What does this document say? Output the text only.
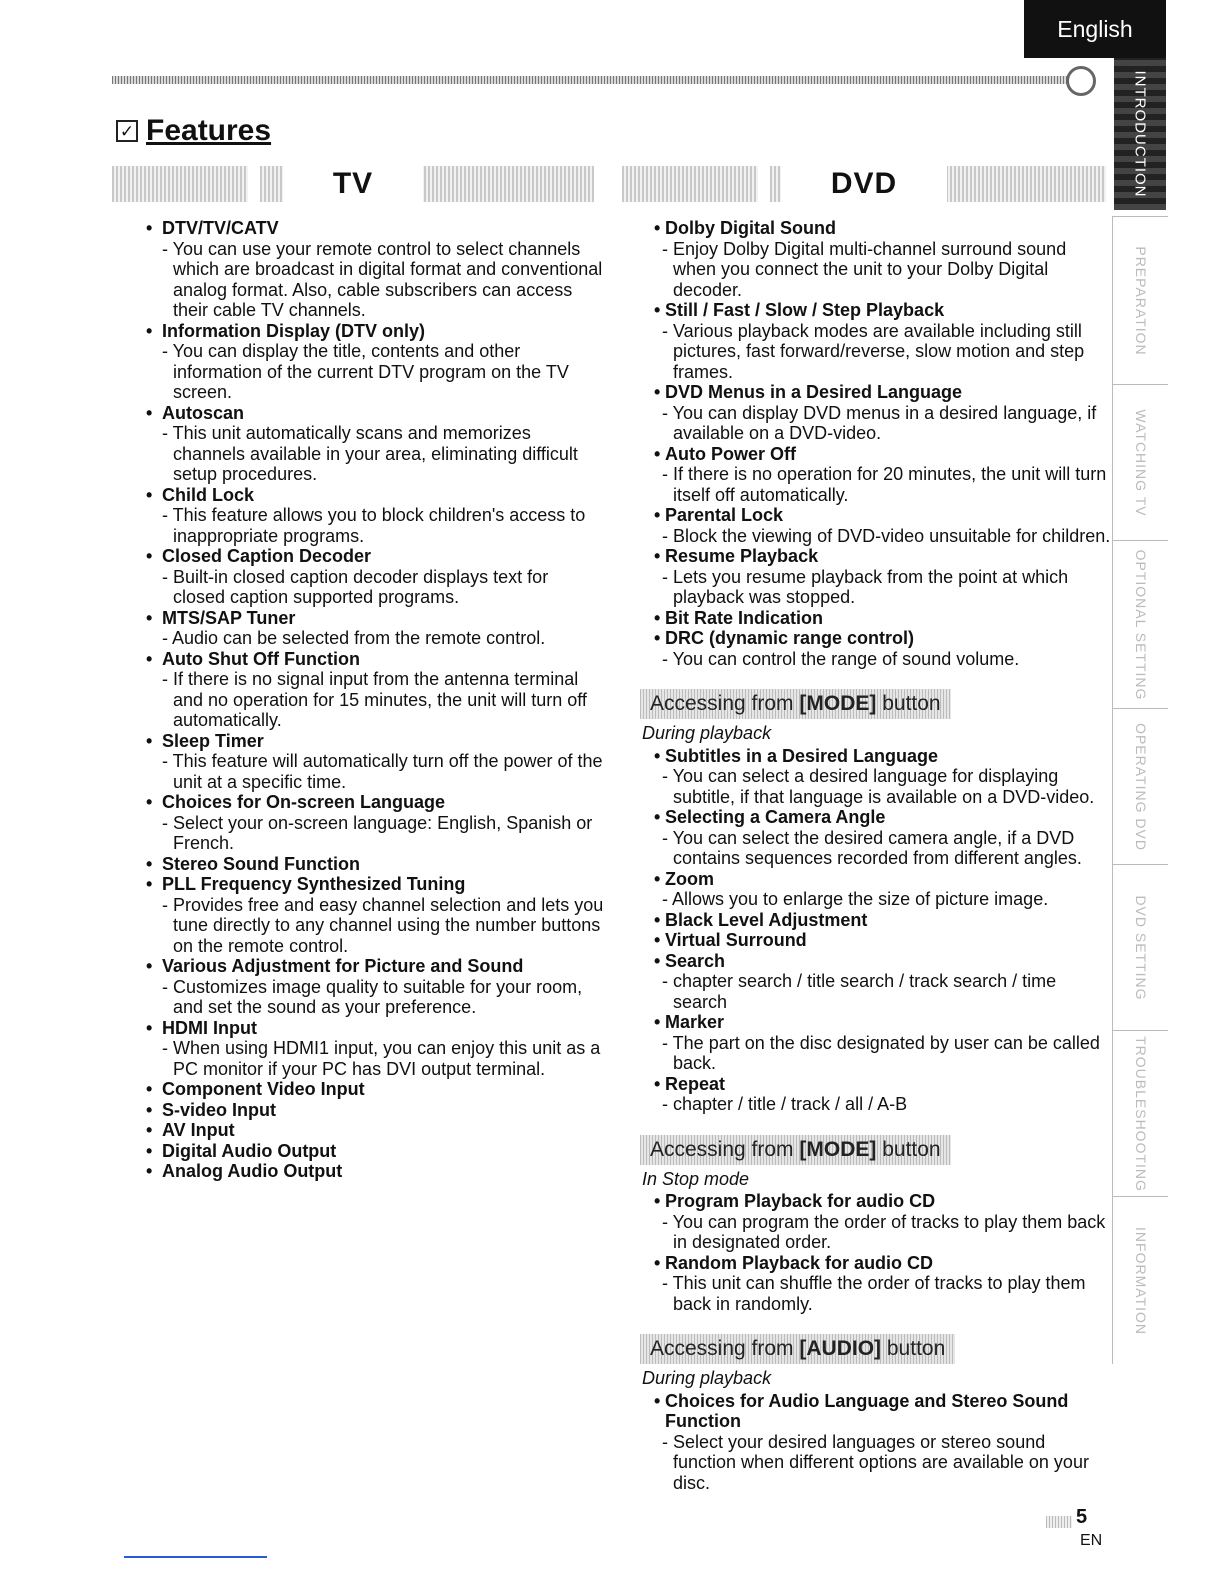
English
✓ Features
TV	DVD
• DTV/TV/CATV
- You can use your remote control to select channels which are broadcast in digital format and conventional analog format. Also, cable subscribers can access their cable TV channels.
• Information Display (DTV only)
- You can display the title, contents and other information of the current DTV program on the TV screen.
• Autoscan
- This unit automatically scans and memorizes channels available in your area, eliminating difficult setup procedures.
• Child Lock
- This feature allows you to block children's access to inappropriate programs.
• Closed Caption Decoder
- Built-in closed caption decoder displays text for closed caption supported programs.
• MTS/SAP Tuner
- Audio can be selected from the remote control.
• Auto Shut Off Function
- If there is no signal input from the antenna terminal and no operation for 15 minutes, the unit will turn off automatically.
• Sleep Timer
- This feature will automatically turn off the power of the unit at a specific time.
• Choices for On-screen Language
- Select your on-screen language: English, Spanish or French.
• Stereo Sound Function
• PLL Frequency Synthesized Tuning
- Provides free and easy channel selection and lets you tune directly to any channel using the number buttons on the remote control.
• Various Adjustment for Picture and Sound
- Customizes image quality to suitable for your room, and set the sound as your preference.
• HDMI Input
- When using HDMI1 input, you can enjoy this unit as a PC monitor if your PC has DVI output terminal.
• Component Video Input
• S-video Input
• AV Input
• Digital Audio Output
• Analog Audio Output
• Dolby Digital Sound
- Enjoy Dolby Digital multi-channel surround sound when you connect the unit to your Dolby Digital decoder.
• Still / Fast / Slow / Step Playback
- Various playback modes are available including still pictures, fast forward/reverse, slow motion and step frames.
• DVD Menus in a Desired Language
- You can display DVD menus in a desired language, if available on a DVD-video.
• Auto Power Off
- If there is no operation for 20 minutes, the unit will turn itself off automatically.
• Parental Lock
- Block the viewing of DVD-video unsuitable for children.
• Resume Playback
- Lets you resume playback from the point at which playback was stopped.
• Bit Rate Indication
• DRC (dynamic range control)
- You can control the range of sound volume.
Accessing from [MODE] button
During playback
• Subtitles in a Desired Language
- You can select a desired language for displaying subtitle, if that language is available on a DVD-video.
• Selecting a Camera Angle
- You can select the desired camera angle, if a DVD contains sequences recorded from different angles.
• Zoom
- Allows you to enlarge the size of picture image.
• Black Level Adjustment
• Virtual Surround
• Search
- chapter search / title search / track search / time search
• Marker
- The part on the disc designated by user can be called back.
• Repeat
- chapter / title / track / all / A-B
Accessing from [MODE] button
In Stop mode
• Program Playback for audio CD
- You can program the order of tracks to play them back in designated order.
• Random Playback for audio CD
- This unit can shuffle the order of tracks to play them back in randomly.
Accessing from [AUDIO] button
During playback
• Choices for Audio Language and Stereo Sound Function
- Select your desired languages or stereo sound function when different options are available on your disc.
INTRODUCTION
PREPARATION
WATCHING TV
OPTIONAL SETTING
OPERATING DVD
DVD SETTING
TROUBLESHOOTING
INFORMATION
5
EN
